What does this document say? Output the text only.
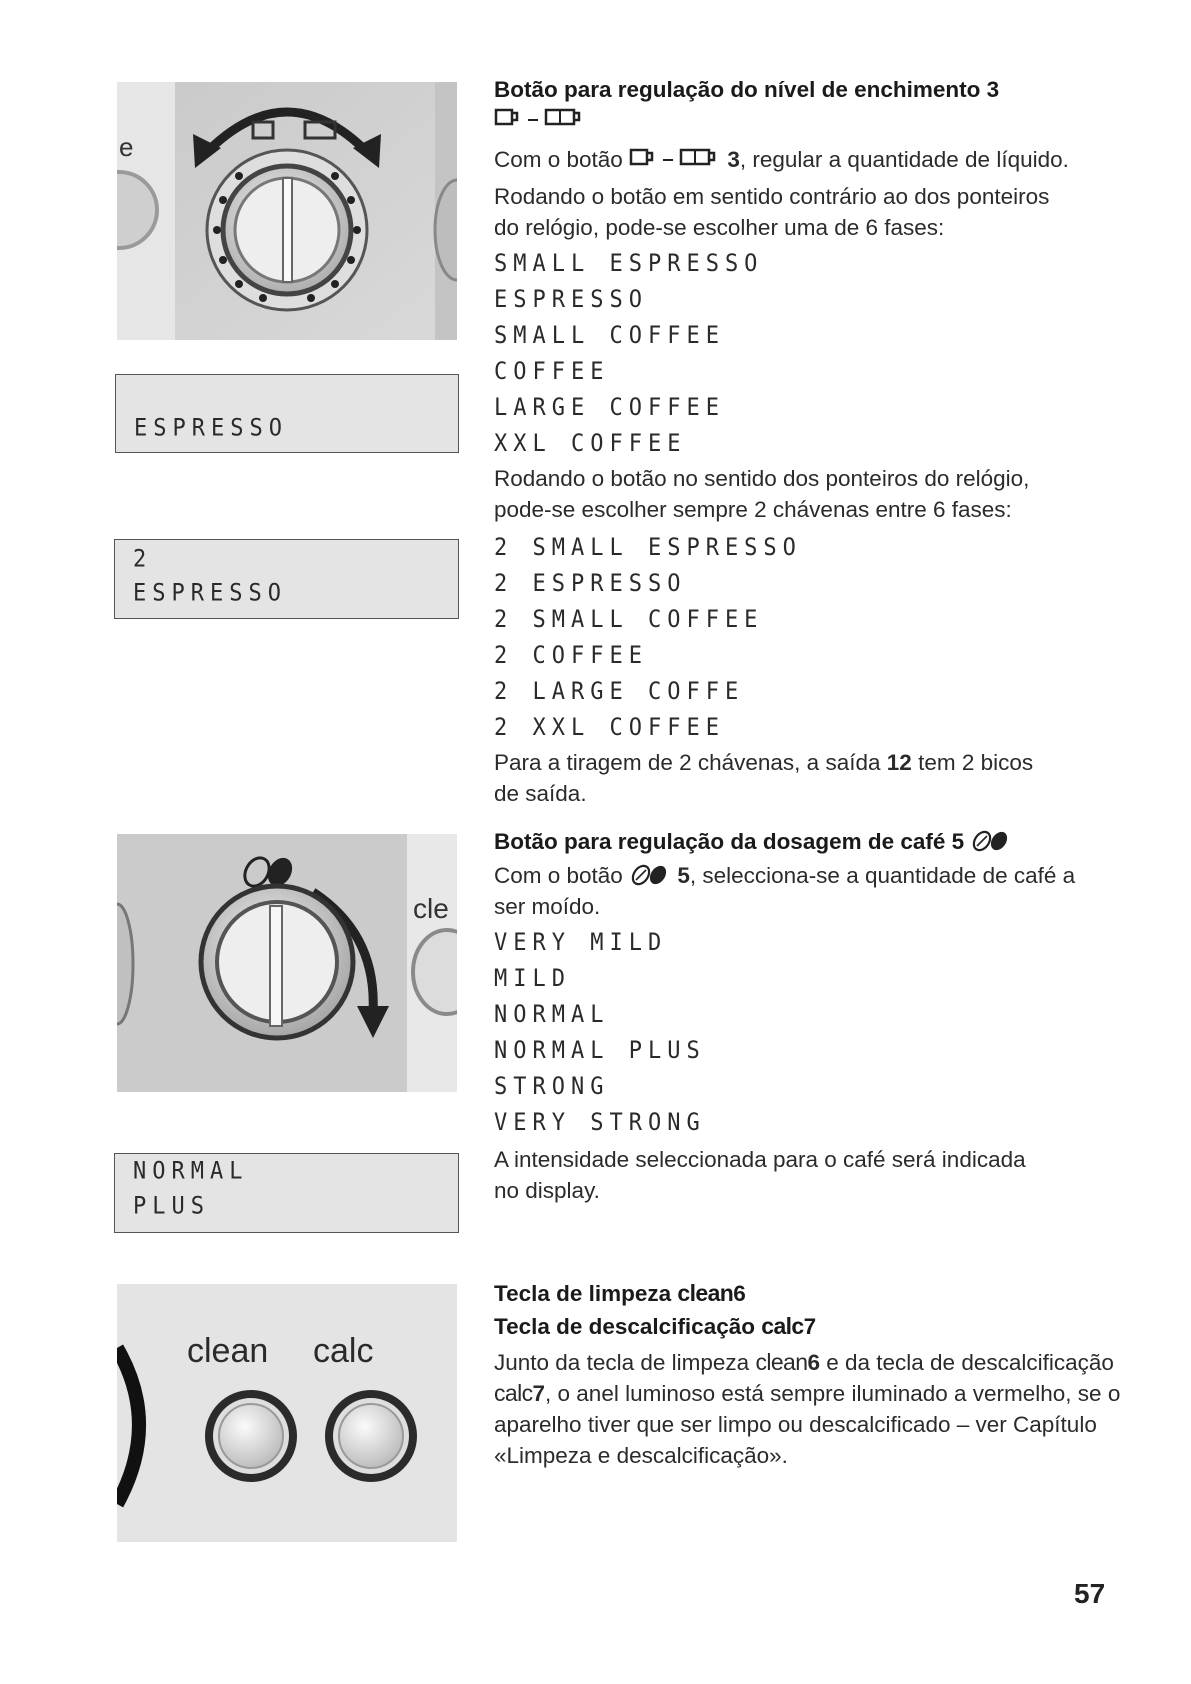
e
ESPRESSO
2
ESPRESSO
cle
NORMAL
PLUS
clean calc
Botão para regulação do nível de enchimento 3
Com o botão	3, regular a quantidade de líquido.
Rodando o botão em sentido contrário ao dos ponteiros do relógio, pode-se escolher uma de 6 fases:
SMALL ESPRESSO
ESPRESSO
SMALL COFFEE
COFFEE
LARGE COFFEE
XXL COFFEE
Rodando o botão no sentido dos ponteiros do relógio, pode-se escolher sempre 2 chávenas entre 6 fases:
2 SMALL ESPRESSO
2 ESPRESSO
2 SMALL COFFEE
2 COFFEE
2 LARGE COFFE
2 XXL COFFEE
Para a tiragem de 2 chávenas, a saída 12 tem 2 bicos de saída.
Botão para regulação da dosagem de café 5
Com o botão 5, selecciona-se a quantidade de café a ser moído.
VERY MILD
MILD
NORMAL
NORMAL PLUS
STRONG
VERY STRONG
A intensidade seleccionada para o café será indicada no display.
Tecla de limpeza clean6
Tecla de descalcificação calc7
Junto da tecla de limpeza clean6 e da tecla de descalcificação calc7, o anel luminoso está sempre iluminado a vermelho, se o aparelho tiver que ser limpo ou descalcificado – ver Capítulo «Limpeza e descalcificação».
57
